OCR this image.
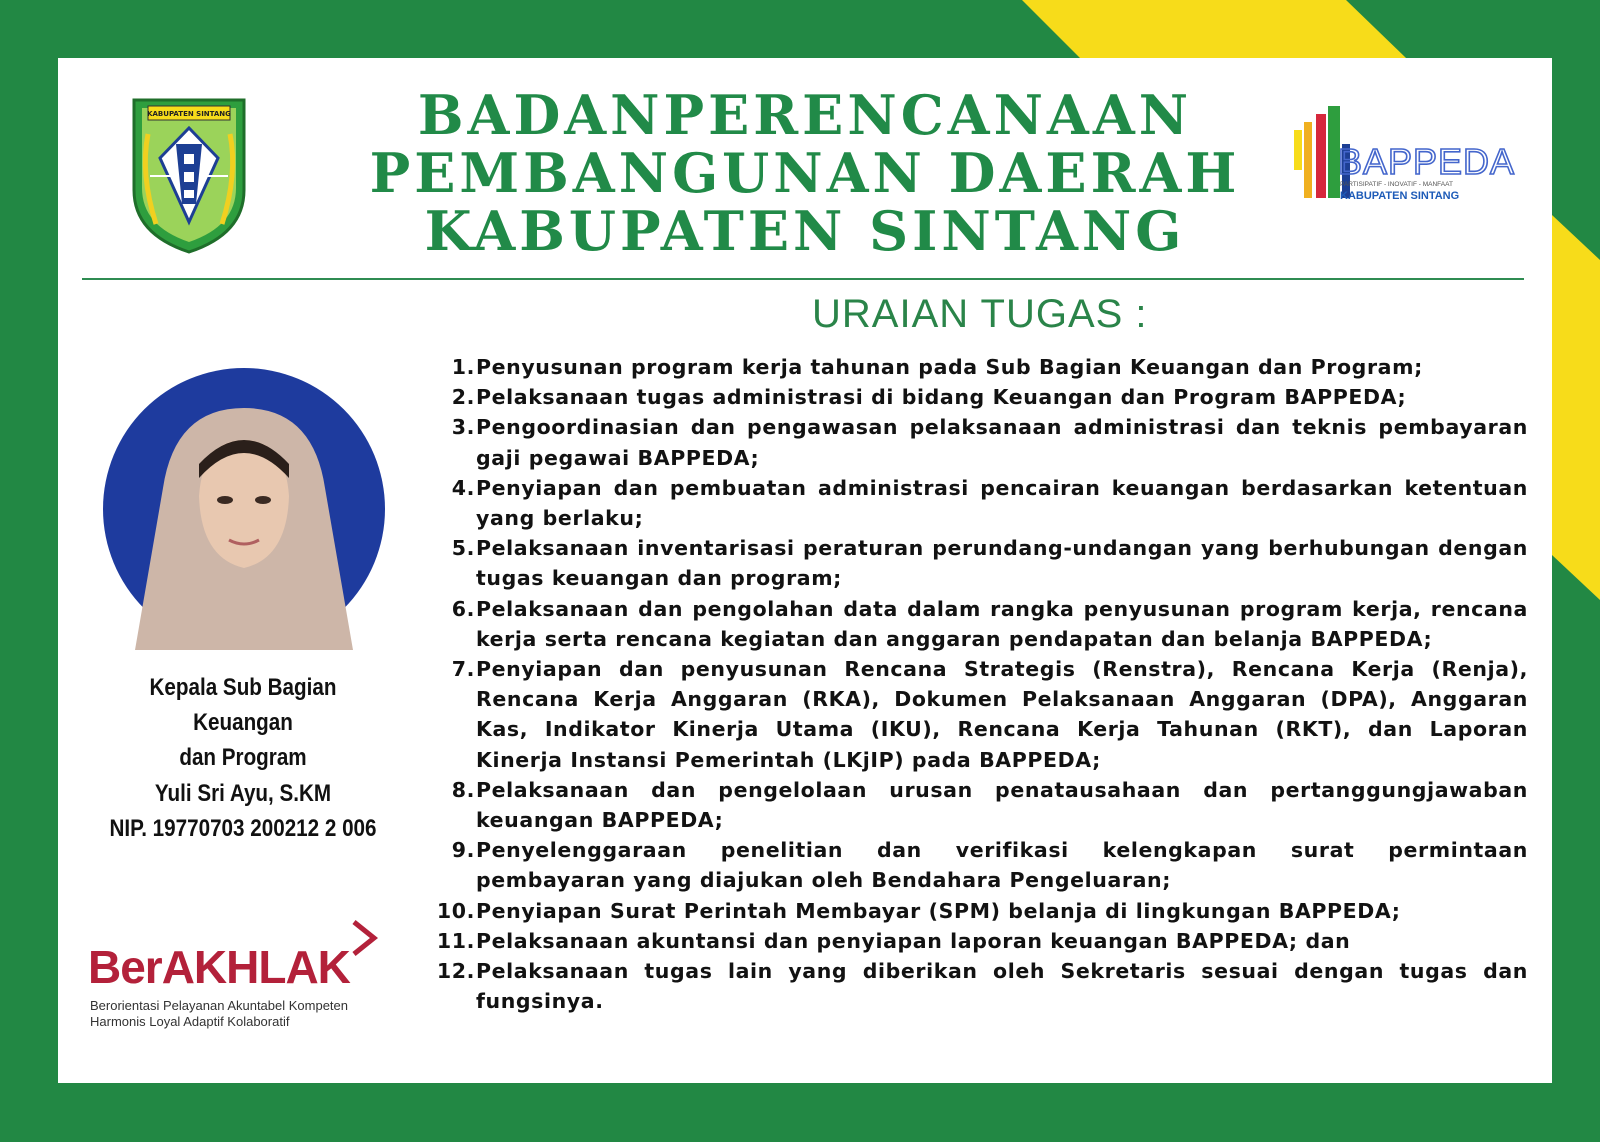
KABUPATEN SINTANG	BADANPERENCANAAN
PEMBANGUNAN DAERAH
KABUPATEN SINTANG
BAPPEDA
PARTISIPATIF - INOVATIF - MANFAAT
KABUPATEN SINTANG
URAIAN TUGAS :
Kepala Sub Bagian Keuangan
dan Program
Yuli Sri Ayu, S.KM
NIP. 19770703 200212 2 006
BerAKHLAK
Berorientasi Pelayanan Akuntabel Kompeten
Harmonis Loyal Adaptif Kolaboratif
1. Penyusunan program kerja tahunan pada Sub Bagian Keuangan dan Program;
2. Pelaksanaan tugas administrasi di bidang Keuangan dan Program BAPPEDA;
3. Pengoordinasian dan pengawasan pelaksanaan administrasi dan teknis pembayaran gaji pegawai BAPPEDA;
4. Penyiapan dan pembuatan administrasi pencairan keuangan berdasarkan ketentuan yang berlaku;
5. Pelaksanaan inventarisasi peraturan perundang-undangan yang berhubungan dengan tugas keuangan dan program;
6. Pelaksanaan dan pengolahan data dalam rangka penyusunan program kerja, rencana kerja serta rencana kegiatan dan anggaran pendapatan dan belanja BAPPEDA;
7. Penyiapan dan penyusunan Rencana Strategis (Renstra), Rencana Kerja (Renja), Rencana Kerja Anggaran (RKA), Dokumen Pelaksanaan Anggaran (DPA), Anggaran Kas, Indikator Kinerja Utama (IKU), Rencana Kerja Tahunan (RKT), dan Laporan Kinerja Instansi Pemerintah (LKjIP) pada BAPPEDA;
8. Pelaksanaan dan pengelolaan urusan penatausahaan dan pertanggungjawaban keuangan BAPPEDA;
9. Penyelenggaraan penelitian dan verifikasi kelengkapan surat permintaan pembayaran yang diajukan oleh Bendahara Pengeluaran;
10. Penyiapan Surat Perintah Membayar (SPM) belanja di lingkungan BAPPEDA;
11. Pelaksanaan akuntansi dan penyiapan laporan keuangan BAPPEDA; dan
12. Pelaksanaan tugas lain yang diberikan oleh Sekretaris sesuai dengan tugas dan fungsinya.
